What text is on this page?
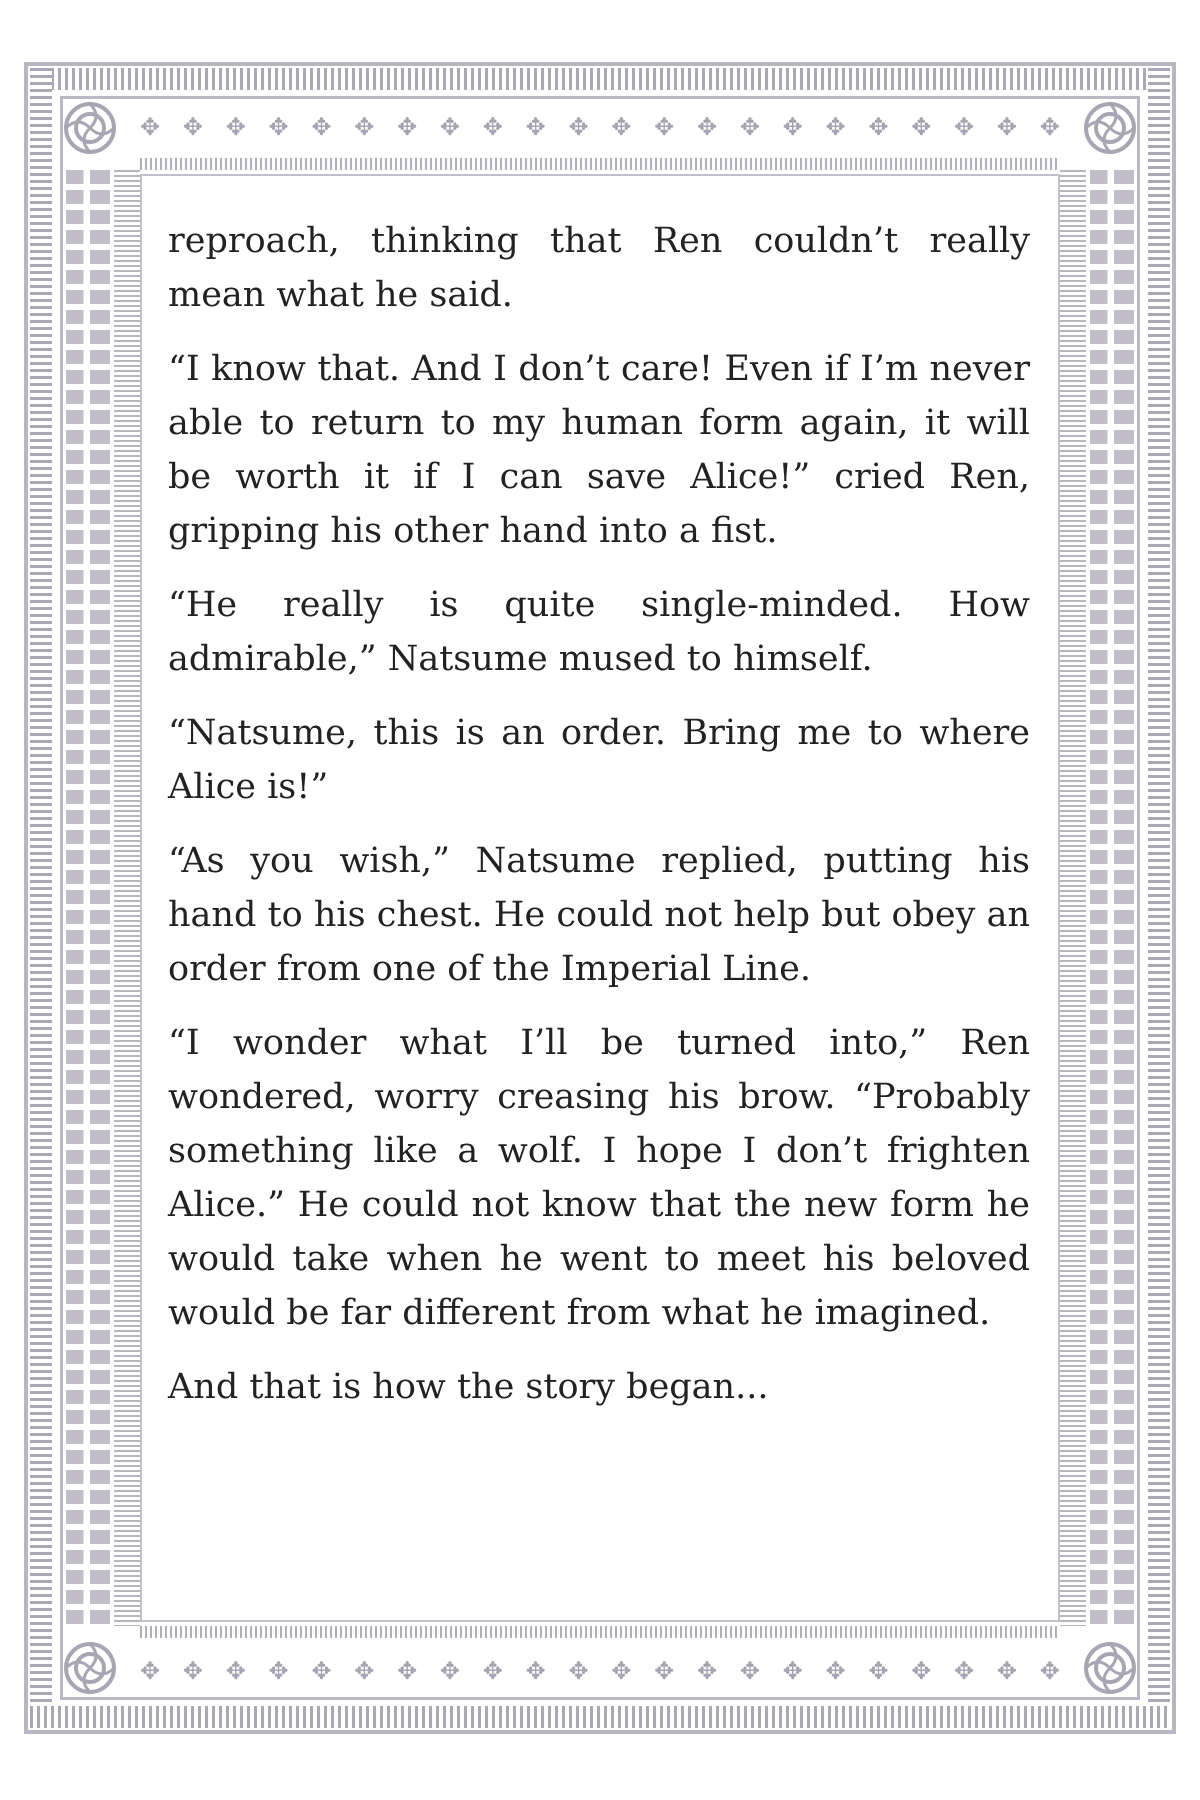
✥ ✥ ✥ ✥ ✥ ✥ ✥ ✥ ✥ ✥ ✥ ✥ ✥ ✥ ✥ ✥ ✥ ✥ ✥ ✥ ✥ ✥
✥ ✥ ✥ ✥ ✥ ✥ ✥ ✥ ✥ ✥ ✥ ✥ ✥ ✥ ✥ ✥ ✥ ✥ ✥ ✥ ✥ ✥

reproach, thinking that Ren couldn’t really mean what he said.

“I know that. And I don’t care! Even if I’m never able to return to my human form again, it will be worth it if I can save Alice!” cried Ren, gripping his other hand into a fist.

“He really is quite single-minded. How admirable,” Natsume mused to himself.

“Natsume, this is an order. Bring me to where Alice is!”

“As you wish,” Natsume replied, putting his hand to his chest. He could not help but obey an order from one of the Imperial Line.

“I wonder what I’ll be turned into,” Ren wondered, worry creasing his brow. “Probably something like a wolf. I hope I don’t frighten Alice.” He could not know that the new form he would take when he went to meet his beloved would be far different from what he imagined.

And that is how the story began...
